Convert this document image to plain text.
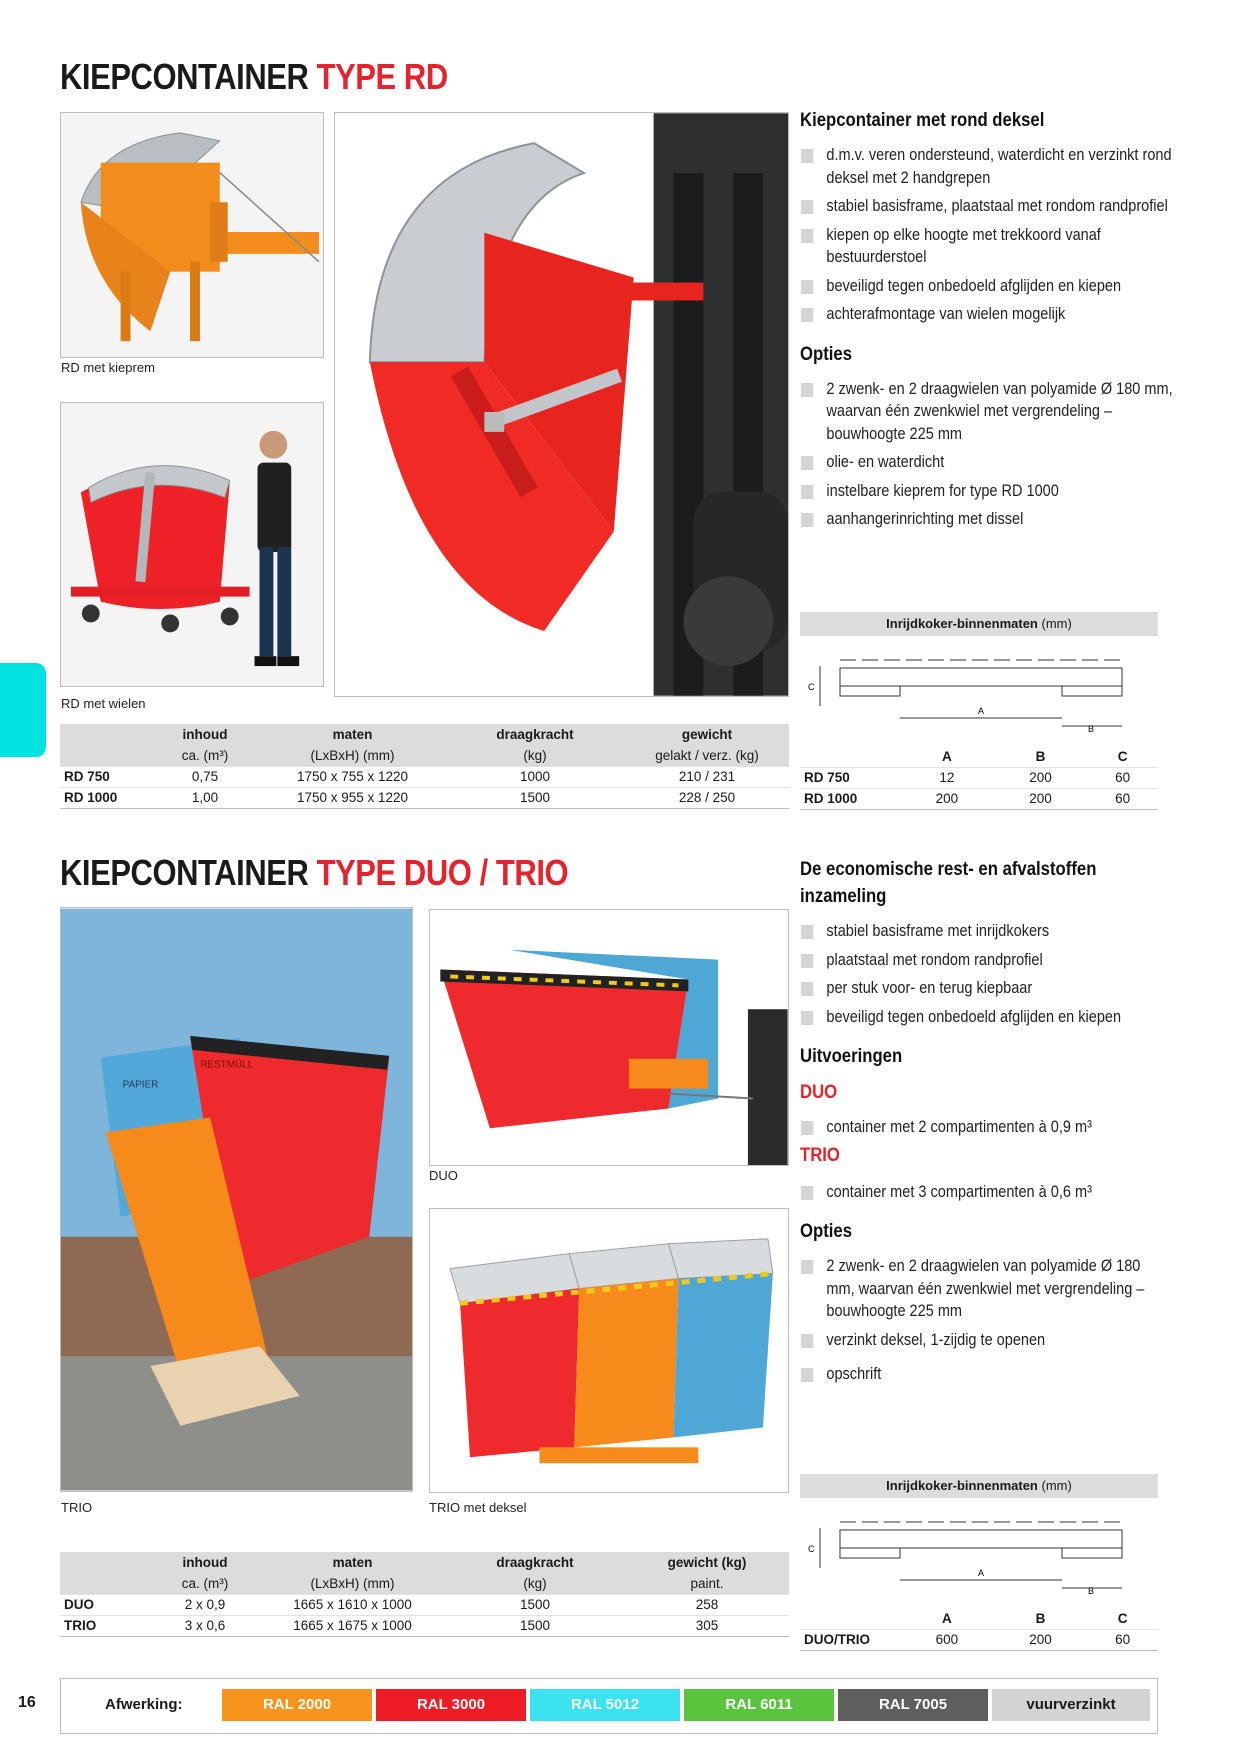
KIEPCONTAINER TYPE RD
RD met kieprem
RD met wielen
Kiepcontainer met rond deksel
d.m.v. veren ondersteund, waterdicht en verzinkt rond deksel met 2 handgrepen
stabiel basisframe, plaatstaal met rondom randprofiel
kiepen op elke hoogte met trekkoord vanaf bestuurderstoel
beveiligd tegen onbedoeld afglijden en kiepen
achterafmontage van wielen mogelijk
Opties
2 zwenk- en 2 draagwielen van polyamide Ø 180 mm, waarvan één zwenkwiel met vergrendeling – bouwhoogte 225 mm
olie- en waterdicht
instelbare kieprem for type RD 1000
aanhangerinrichting met dissel
	inhoud	maten	draagkracht	gewicht
	ca. (m³)	(LxBxH) (mm)	(kg)	gelakt / verz. (kg)
RD 750	0,75	1750 x 755 x 1220	1000	210 / 231
RD 1000	1,00	1750 x 955 x 1220	1500	228 / 250
Inrijdkoker-binnenmaten (mm)
C
A
B
	A	B	C
RD 750	12	200	60
RD 1000	200	200	60
KIEPCONTAINER TYPE DUO / TRIO
PAPIER
RESTMÜLL
TRIO
DUO
TRIO met deksel
De economische rest- en afvalstoffen inzameling
stabiel basisframe met inrijdkokers
plaatstaal met rondom randprofiel
per stuk voor- en terug kiepbaar
beveiligd tegen onbedoeld afglijden en kiepen
Uitvoeringen
DUO
container met 2 compartimenten à 0,9 m³
TRIO
container met 3 compartimenten à 0,6 m³
Opties
2 zwenk- en 2 draagwielen van polyamide Ø 180 mm, waarvan één zwenkwiel met vergrendeling – bouwhoogte 225 mm
verzinkt deksel, 1-zijdig te openen
opschrift
	inhoud	maten	draagkracht	gewicht (kg)
	ca. (m³)	(LxBxH) (mm)	(kg)	paint.
DUO	2 x 0,9	1665 x 1610 x 1000	1500	258
TRIO	3 x 0,6	1665 x 1675 x 1000	1500	305
Inrijdkoker-binnenmaten (mm)
C
A
B
	A	B	C
DUO/TRIO	600	200	60
16	Afwerking:	RAL 2000	RAL 3000	RAL 5012	RAL 6011	RAL 7005	vuurverzinkt
